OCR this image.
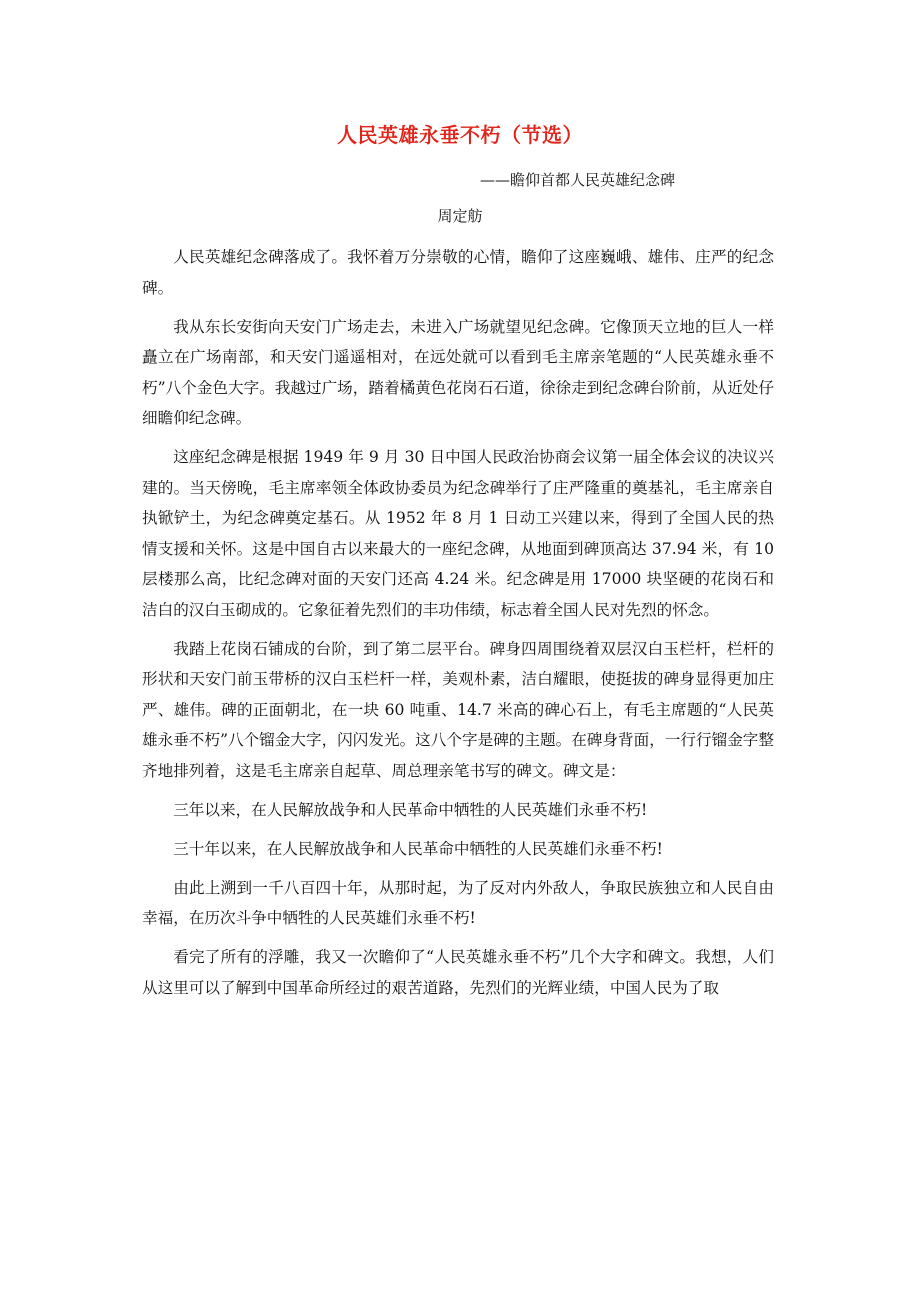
人民英雄永垂不朽（节选）
——瞻仰首都人民英雄纪念碑
周定舫

人民英雄纪念碑落成了。我怀着万分崇敬的心情，瞻仰了这座巍峨、雄伟、庄严的纪念碑。

我从东长安街向天安门广场走去，未进入广场就望见纪念碑。它像顶天立地的巨人一样矗立在广场南部，和天安门遥遥相对，在远处就可以看到毛主席亲笔题的“人民英雄永垂不朽”八个金色大字。我越过广场，踏着橘黄色花岗石石道，徐徐走到纪念碑台阶前，从近处仔细瞻仰纪念碑。

这座纪念碑是根据 1949 年 9 月 30 日中国人民政治协商会议第一届全体会议的决议兴建的。当天傍晚，毛主席率领全体政协委员为纪念碑举行了庄严隆重的奠基礼，毛主席亲自执锨铲土，为纪念碑奠定基石。从 1952 年 8 月 1 日动工兴建以来，得到了全国人民的热情支援和关怀。这是中国自古以来最大的一座纪念碑，从地面到碑顶高达 37.94 米，有 10 层楼那么高，比纪念碑对面的天安门还高 4.24 米。纪念碑是用 17000 块坚硬的花岗石和洁白的汉白玉砌成的。它象征着先烈们的丰功伟绩，标志着全国人民对先烈的怀念。

我踏上花岗石铺成的台阶，到了第二层平台。碑身四周围绕着双层汉白玉栏杆，栏杆的形状和天安门前玉带桥的汉白玉栏杆一样，美观朴素，洁白耀眼，使挺拔的碑身显得更加庄严、雄伟。碑的正面朝北，在一块 60 吨重、14.7 米高的碑心石上，有毛主席题的“人民英雄永垂不朽”八个镏金大字，闪闪发光。这八个字是碑的主题。在碑身背面，一行行镏金字整齐地排列着，这是毛主席亲自起草、周总理亲笔书写的碑文。碑文是：

三年以来，在人民解放战争和人民革命中牺牲的人民英雄们永垂不朽!

三十年以来，在人民解放战争和人民革命中牺牲的人民英雄们永垂不朽!

由此上溯到一千八百四十年，从那时起，为了反对内外敌人，争取民族独立和人民自由幸福，在历次斗争中牺牲的人民英雄们永垂不朽!

看完了所有的浮雕，我又一次瞻仰了“人民英雄永垂不朽”几个大字和碑文。我想，人们从这里可以了解到中国革命所经过的艰苦道路，先烈们的光辉业绩，中国人民为了取
